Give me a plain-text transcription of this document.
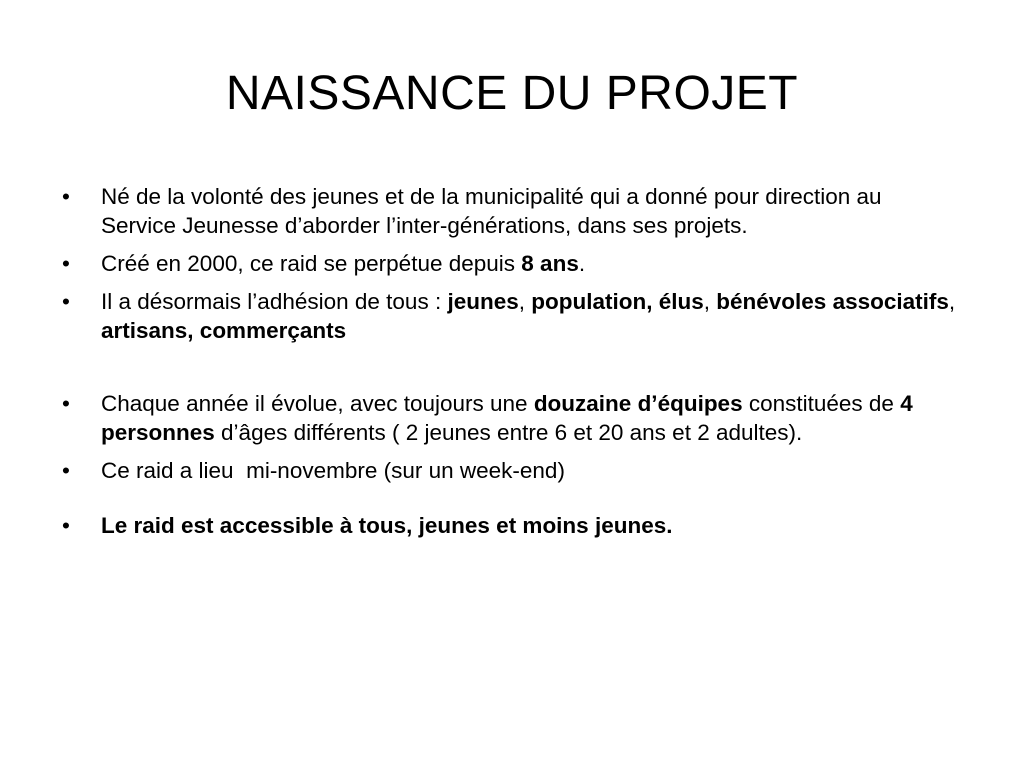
NAISSANCE DU PROJET
•	Né de la volonté des jeunes et de la municipalité qui a donné pour direction au Service Jeunesse d’aborder l’inter-générations, dans ses projets.
•	Créé en 2000, ce raid se perpétue depuis 8 ans.
•	Il a désormais l’adhésion de tous : jeunes, population, élus, bénévoles associatifs, artisans, commerçants
•	Chaque année il évolue, avec toujours une douzaine d’équipes constituées de 4 personnes d’âges différents ( 2 jeunes entre 6 et 20 ans et 2 adultes).
•	Ce raid a lieu  mi-novembre (sur un week-end)
•	Le raid est accessible à tous, jeunes et moins jeunes.
